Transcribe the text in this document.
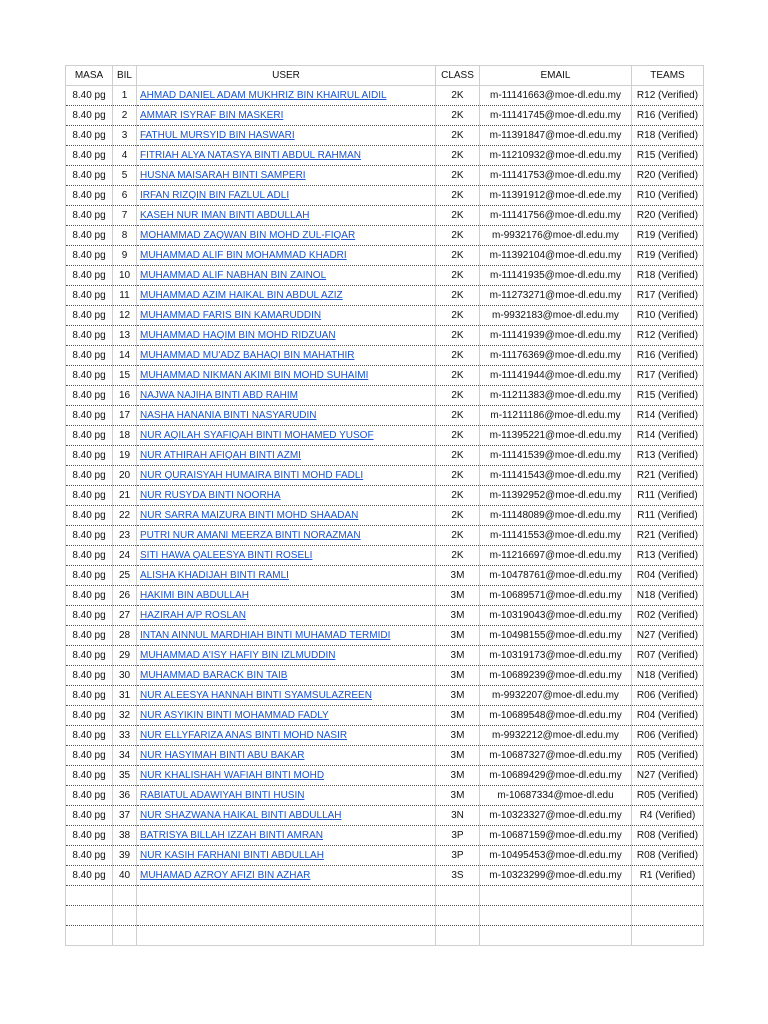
MASA	BIL	USER	CLASS	EMAIL	TEAMS
8.40 pg	1	AHMAD DANIEL ADAM MUKHRIZ BIN KHAIRUL AIDIL	2K	m-11141663@moe-dl.edu.my	R12 (Verified)
8.40 pg	2	AMMAR ISYRAF BIN MASKERI	2K	m-11141745@moe-dl.edu.my	R16 (Verified)
8.40 pg	3	FATHUL MURSYID BIN HASWARI	2K	m-11391847@moe-dl.edu.my	R18 (Verified)
8.40 pg	4	FITRIAH ALYA NATASYA BINTI ABDUL RAHMAN	2K	m-11210932@moe-dl.edu.my	R15 (Verified)
8.40 pg	5	HUSNA MAISARAH BINTI SAMPERI	2K	m-11141753@moe-dl.edu.my	R20 (Verified)
8.40 pg	6	IRFAN RIZQIN BIN FAZLUL ADLI	2K	m-11391912@moe-dl.ede.my	R10 (Verified)
8.40 pg	7	KASEH NUR IMAN BINTI ABDULLAH	2K	m-11141756@moe-dl.edu.my	R20 (Verified)
8.40 pg	8	MOHAMMAD ZAQWAN BIN MOHD ZUL-FIQAR	2K	m-9932176@moe-dl.edu.my	R19 (Verified)
8.40 pg	9	MUHAMMAD ALIF BIN MOHAMMAD KHADRI	2K	m-11392104@moe-dl.edu.my	R19 (Verified)
8.40 pg	10	MUHAMMAD ALIF NABHAN BIN ZAINOL	2K	m-11141935@moe-dl.edu.my	R18 (Verified)
8.40 pg	11	MUHAMMAD AZIM HAIKAL BIN ABDUL AZIZ	2K	m-11273271@moe-dl.edu.my	R17 (Verified)
8.40 pg	12	MUHAMMAD FARIS BIN KAMARUDDIN	2K	m-9932183@moe-dl.edu.my	R10 (Verified)
8.40 pg	13	MUHAMMAD HAQIM BIN MOHD RIDZUAN	2K	m-11141939@moe-dl.edu.my	R12 (Verified)
8.40 pg	14	MUHAMMAD MU'ADZ BAHAQI BIN MAHATHIR	2K	m-11176369@moe-dl.edu.my	R16 (Verified)
8.40 pg	15	MUHAMMAD NIKMAN AKIMI BIN MOHD SUHAIMI	2K	m-11141944@moe-dl.edu.my	R17 (Verified)
8.40 pg	16	NAJWA NAJIHA BINTI ABD RAHIM	2K	m-11211383@moe-dl.edu.my	R15 (Verified)
8.40 pg	17	NASHA HANANIA BINTI NASYARUDIN	2K	m-11211186@moe-dl.edu.my	R14 (Verified)
8.40 pg	18	NUR AQILAH SYAFIQAH BINTI MOHAMED YUSOF	2K	m-11395221@moe-dl.edu.my	R14 (Verified)
8.40 pg	19	NUR ATHIRAH AFIQAH BINTI AZMI	2K	m-11141539@moe-dl.edu.my	R13 (Verified)
8.40 pg	20	NUR QURAISYAH HUMAIRA BINTI MOHD FADLI	2K	m-11141543@moe-dl.edu.my	R21 (Verified)
8.40 pg	21	NUR RUSYDA BINTI NOORHA	2K	m-11392952@moe-dl.edu.my	R11 (Verified)
8.40 pg	22	NUR SARRA MAIZURA BINTI MOHD SHAADAN	2K	m-11148089@moe-dl.edu.my	R11 (Verified)
8.40 pg	23	PUTRI NUR AMANI MEERZA BINTI NORAZMAN	2K	m-11141553@moe-dl.edu.my	R21 (Verified)
8.40 pg	24	SITI HAWA QALEESYA BINTI ROSELI	2K	m-11216697@moe-dl.edu.my	R13 (Verified)
8.40 pg	25	ALISHA KHADIJAH BINTI RAMLI	3M	m-10478761@moe-dl.edu.my	R04 (Verified)
8.40 pg	26	HAKIMI BIN ABDULLAH	3M	m-10689571@moe-dl.edu.my	N18 (Verified)
8.40 pg	27	HAZIRAH A/P ROSLAN	3M	m-10319043@moe-dl.edu.my	R02 (Verified)
8.40 pg	28	INTAN AINNUL MARDHIAH BINTI MUHAMAD TERMIDI	3M	m-10498155@moe-dl.edu.my	N27 (Verified)
8.40 pg	29	MUHAMMAD A'ISY HAFIY BIN IZLMUDDIN	3M	m-10319173@moe-dl.edu.my	R07 (Verified)
8.40 pg	30	MUHAMMAD BARACK BIN TAIB	3M	m-10689239@moe-dl.edu.my	N18 (Verified)
8.40 pg	31	NUR ALEESYA HANNAH BINTI SYAMSULAZREEN	3M	m-9932207@moe-dl.edu.my	R06 (Verified)
8.40 pg	32	NUR ASYIKIN BINTI MOHAMMAD FADLY	3M	m-10689548@moe-dl.edu.my	R04 (Verified)
8.40 pg	33	NUR ELLYFARIZA ANAS BINTI MOHD NASIR	3M	m-9932212@moe-dl.edu.my	R06 (Verified)
8.40 pg	34	NUR HASYIMAH BINTI ABU BAKAR	3M	m-10687327@moe-dl.edu.my	R05 (Verified)
8.40 pg	35	NUR KHALISHAH WAFIAH BINTI MOHD	3M	m-10689429@moe-dl.edu.my	N27 (Verified)
8.40 pg	36	RABIATUL ADAWIYAH BINTI HUSIN	3M	m-10687334@moe-dl.edu	R05 (Verified)
8.40 pg	37	NUR SHAZWANA HAIKAL BINTI ABDULLAH	3N	m-10323327@moe-dl.edu.my	R4 (Verified)
8.40 pg	38	BATRISYA BILLAH IZZAH BINTI AMRAN	3P	m-10687159@moe-dl.edu.my	R08 (Verified)
8.40 pg	39	NUR KASIH FARHANI BINTI ABDULLAH	3P	m-10495453@moe-dl.edu.my	R08 (Verified)
8.40 pg	40	MUHAMAD AZROY AFIZI BIN AZHAR	3S	m-10323299@moe-dl.edu.my	R1 (Verified)
